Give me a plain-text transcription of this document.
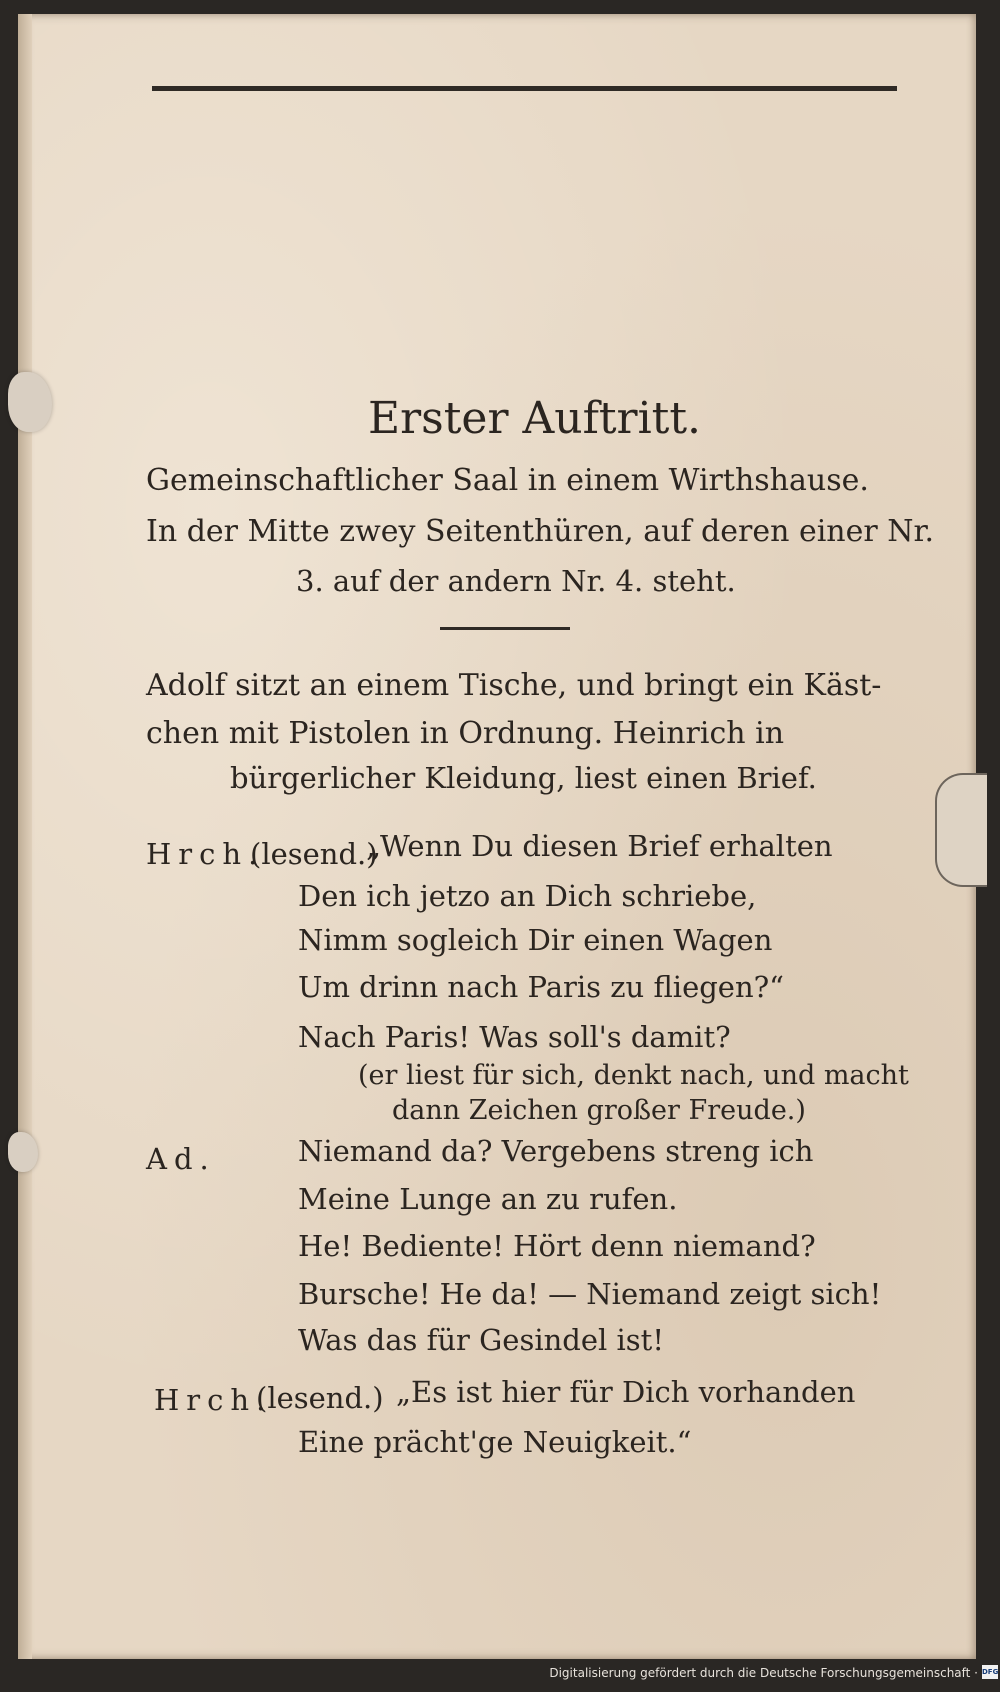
Erster Auftritt.
Gemeinschaftlicher Saal in einem Wirthshause.
In der Mitte zwey Seitenthüren, auf deren einer Nr.
3. auf der andern Nr. 4. steht.
Adolf sitzt an einem Tische, und bringt ein Käst-
chen mit Pistolen in Ordnung. Heinrich in
bürgerlicher Kleidung, liest einen Brief.
Hrch.
(lesend.)
„Wenn Du diesen Brief erhalten
Den ich jetzo an Dich schriebe,
Nimm sogleich Dir einen Wagen
Um drinn nach Paris zu fliegen?“
Nach Paris! Was soll's damit?
(er liest für sich, denkt nach, und macht
dann Zeichen großer Freude.)
Ad.	Niemand da? Vergebens streng ich
Meine Lunge an zu rufen.
He! Bediente! Hört denn niemand?
Bursche! He da! — Niemand zeigt sich!
Was das für Gesindel ist!
Hrch.
(lesend.) „Es ist hier für Dich vorhanden
Eine prächt'ge Neuigkeit.“
Digitalisierung gefördert durch die Deutsche Forschungsgemeinschaft · DFG
